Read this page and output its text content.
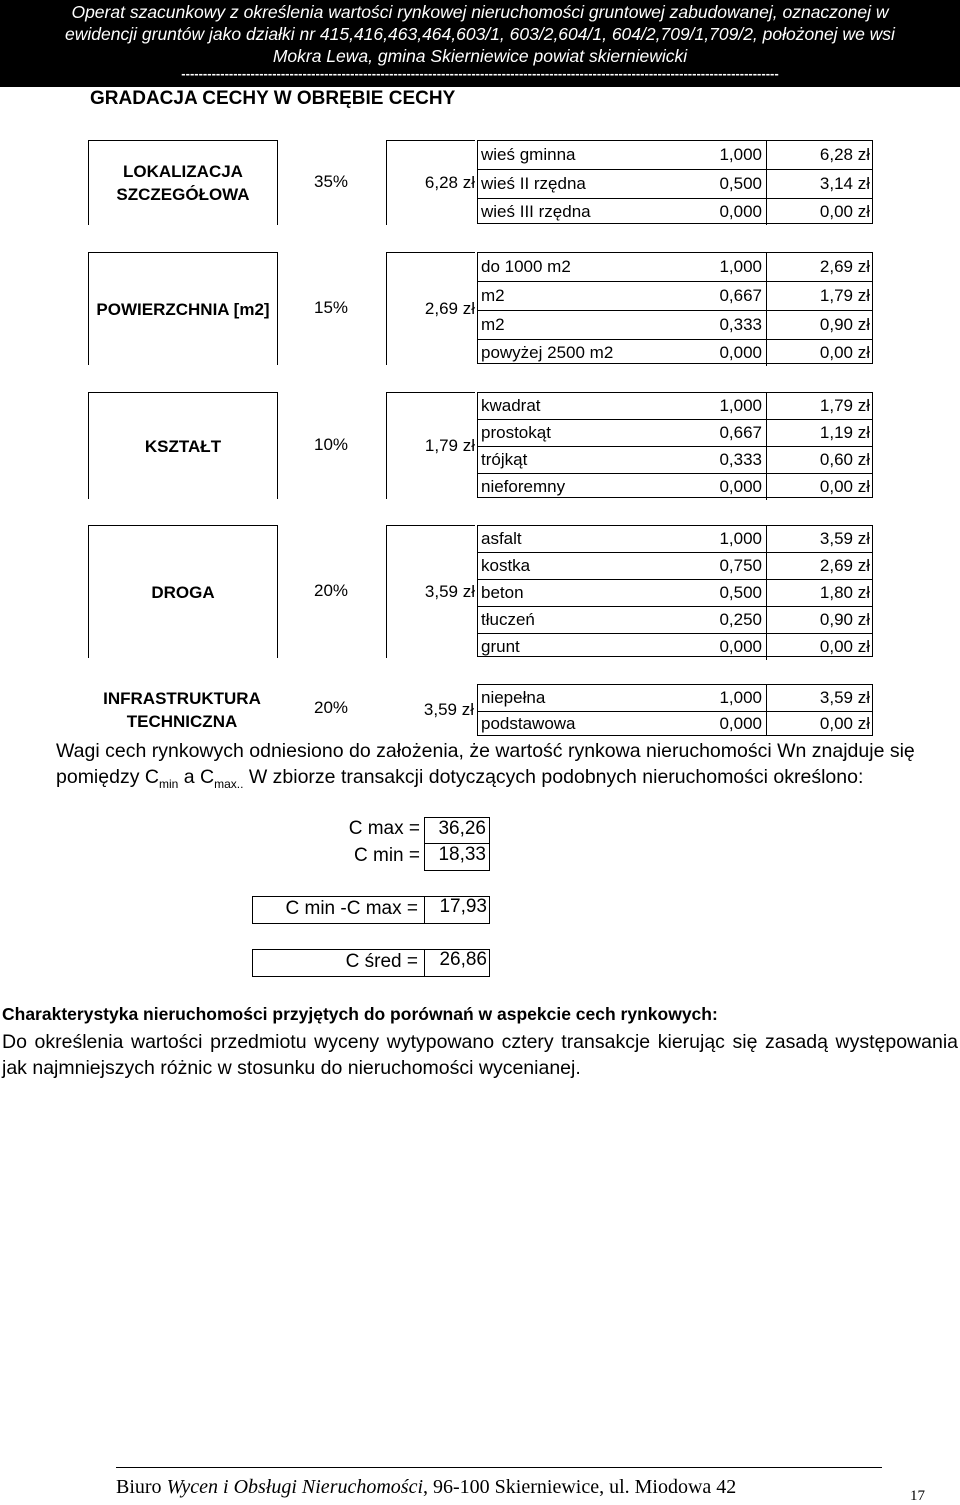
Operat szacunkowy z określenia wartości rynkowej nieruchomości gruntowej zabudowanej, oznaczonej w
ewidencji gruntów jako działki nr 415,416,463,464,603/1, 603/2,604/1, 604/2,709/1,709/2, położonej we wsi
Mokra Lewa, gmina Skierniewice powiat skierniewicki
------------------------------------------------------------------------------------------------------------------------------------------
GRADACJA CECHY W OBRĘBIE CECHY
LOKALIZACJA SZCZEGÓŁOWA
35%	6,28 zł
wieś gminna	1,000	6,28 zł
wieś II rzędna	0,500	3,14 zł
wieś III rzędna	0,000	0,00 zł
POWIERZCHNIA [m2]	15%	2,69 zł
do 1000 m2	1,000	2,69 zł
m2	0,667	1,79 zł
m2	0,333	0,90 zł
powyżej 2500 m2	0,000	0,00 zł
KSZTAŁT	10%	1,79 zł
kwadrat	1,000	1,79 zł
prostokąt	0,667	1,19 zł
trójkąt	0,333	0,60 zł
nieforemny	0,000	0,00 zł
DROGA	20%	3,59 zł
asfalt	1,000	3,59 zł
kostka	0,750	2,69 zł
beton	0,500	1,80 zł
tłuczeń	0,250	0,90 zł
grunt	0,000	0,00 zł
INFRASTRUKTURA TECHNICZNA
20%	3,59 zł
niepełna	1,000	3,59 zł
podstawowa	0,000	0,00 zł
Wagi cech rynkowych odniesiono do założenia, że wartość rynkowa nieruchomości Wn znajduje się pomiędzy $C_{min}$ a $C_{max..}$ W zbiorze transakcji dotyczących podobnych nieruchomości określono:
C max = 36,26
C min = 18,33
C min -C max =	17,93
C śred =	26,86
Charakterystyka nieruchomości przyjętych do porównań w aspekcie cech rynkowych:
Do określenia wartości przedmiotu wyceny wytypowano cztery transakcje kierując się zasadą występowania jak najmniejszych różnic w stosunku do nieruchomości wycenianej.
Biuro Wycen i Obsługi Nieruchomości, 96-100 Skierniewice, ul. Miodowa 42	17
